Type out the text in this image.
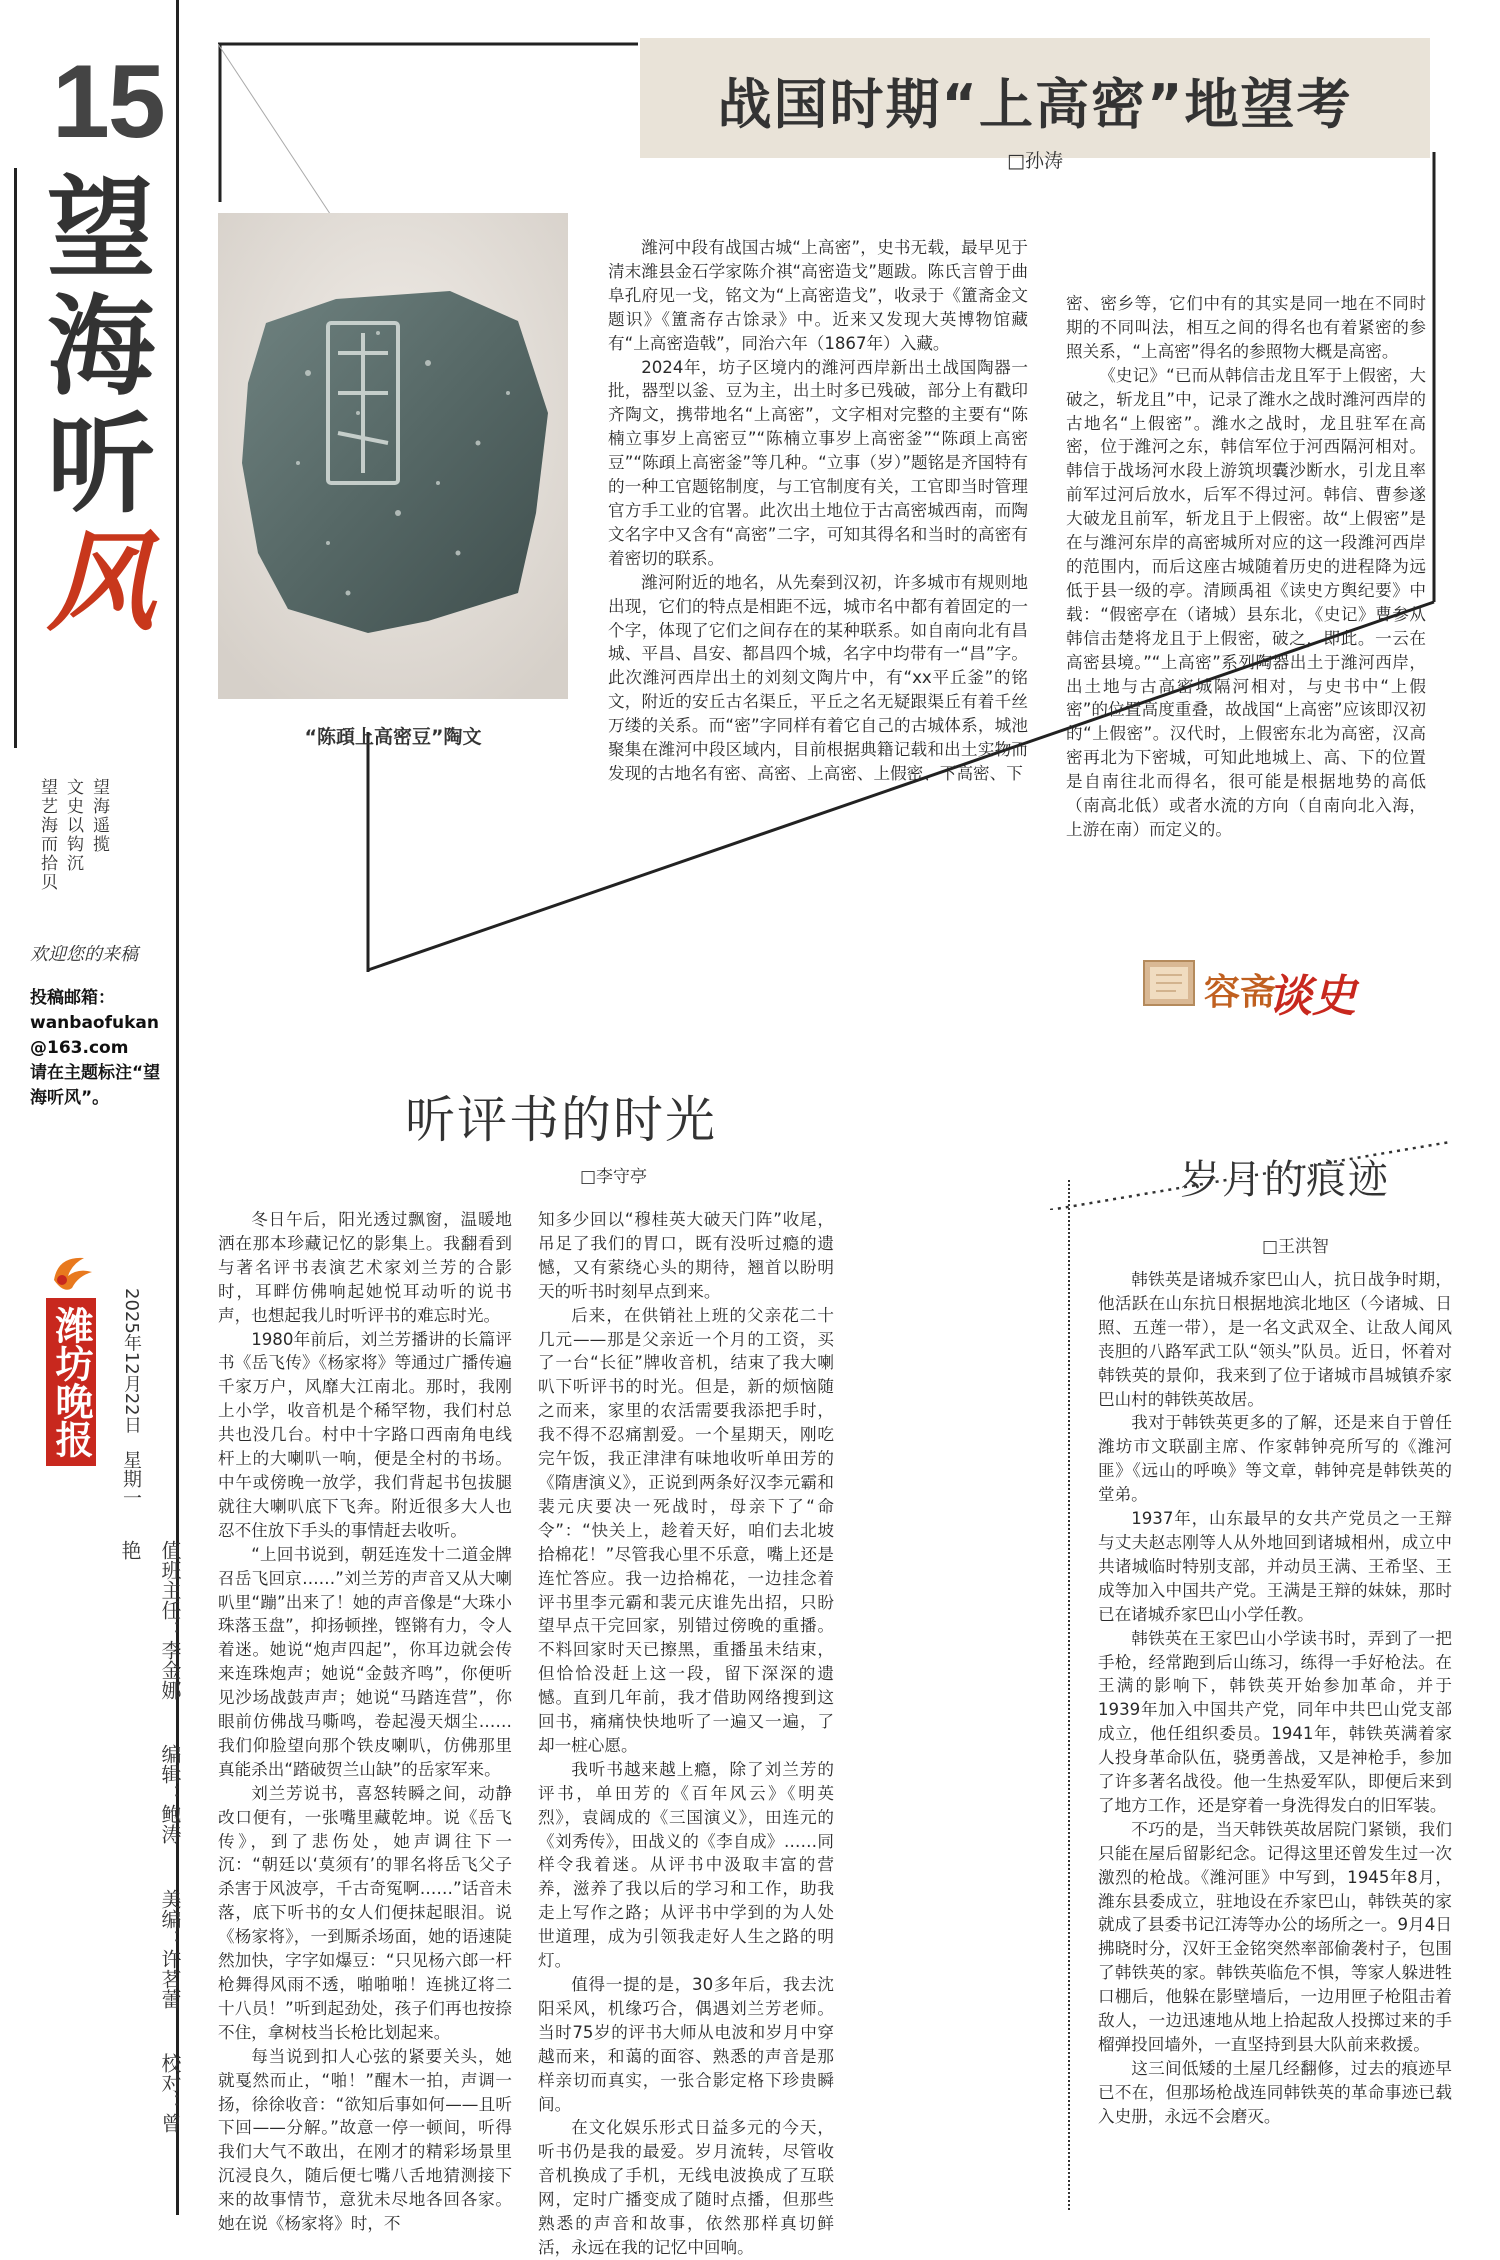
15
望
海
听
风
望海遥揽
文史以钩沉
望艺海而拾贝
欢迎您的来稿
投稿邮箱：
wanbaofukan
@163.com
请在主题标注“望海听风”。
潍坊晚报 2025年12月22日
星期一
值班主任：李金娜 编辑：鲍涛 美编：许茗蕾 校对：曾艳
战国时期“上高密”地望考
□孙涛
“陈頙上高密豆”陶文

潍河中段有战国古城“上高密”，史书无载，最早见于清末潍县金石学家陈介祺“高密造戈”题跋。陈氏言曾于曲阜孔府见一戈，铭文为“上高密造戈”，收录于《簠斋金文题识》《簠斋存古馀录》中。近来又发现大英博物馆藏有“上高密造戟”，同治六年（1867年）入藏。

2024年，坊子区境内的潍河西岸新出土战国陶器一批，器型以釜、豆为主，出土时多已残破，部分上有戳印齐陶文，携带地名“上高密”，文字相对完整的主要有“陈楠立事岁上高密豆”“陈楠立事岁上高密釜”“陈頙上高密豆”“陈頙上高密釜”等几种。“立事（岁）”题铭是齐国特有的一种工官题铭制度，与工官制度有关，工官即当时管理官方手工业的官署。此次出土地位于古高密城西南，而陶文名字中又含有“高密”二字，可知其得名和当时的高密有着密切的联系。

潍河附近的地名，从先秦到汉初，许多城市有规则地出现，它们的特点是相距不远，城市名中都有着固定的一个字，体现了它们之间存在的某种联系。如自南向北有昌城、平昌、昌安、都昌四个城，名字中均带有一“昌”字。此次潍河西岸出土的刘刻文陶片中，有“xx平丘釜”的铭文，附近的安丘古名渠丘，平丘之名无疑跟渠丘有着千丝万缕的关系。而“密”字同样有着它自己的古城体系，城池聚集在潍河中段区域内，目前根据典籍记载和出土实物而发现的古地名有密、高密、上高密、上假密、下高密、下

密、密乡等，它们中有的其实是同一地在不同时期的不同叫法，相互之间的得名也有着紧密的参照关系，“上高密”得名的参照物大概是高密。

《史记》“已而从韩信击龙且军于上假密，大破之，斩龙且”中，记录了潍水之战时潍河西岸的古地名“上假密”。潍水之战时，龙且驻军在高密，位于潍河之东，韩信军位于河西隔河相对。韩信于战场河水段上游筑坝囊沙断水，引龙且率前军过河后放水，后军不得过河。韩信、曹参遂大破龙且前军，斩龙且于上假密。故“上假密”是在与潍河东岸的高密城所对应的这一段潍河西岸的范围内，而后这座古城随着历史的进程降为远低于县一级的亭。清顾禹祖《读史方舆纪要》中载：“假密亭在（诸城）县东北，《史记》曹参从韩信击楚将龙且于上假密，破之，即此。一云在高密县境。”“上高密”系列陶器出土于潍河西岸，出土地与古高密城隔河相对，与史书中“上假密”的位置高度重叠，故战国“上高密”应该即汉初的“上假密”。汉代时，上假密东北为高密，汉高密再北为下密城，可知此地城上、高、下的位置是自南往北而得名，很可能是根据地势的高低（南高北低）或者水流的方向（自南向北入海，上游在南）而定义的。

容斋
谈史
听评书的时光
□李守亭

冬日午后，阳光透过飘窗，温暖地洒在那本珍藏记忆的影集上。我翻看到与著名评书表演艺术家刘兰芳的合影时，耳畔仿佛响起她悦耳动听的说书声，也想起我儿时听评书的难忘时光。

1980年前后，刘兰芳播讲的长篇评书《岳飞传》《杨家将》等通过广播传遍千家万户，风靡大江南北。那时，我刚上小学，收音机是个稀罕物，我们村总共也没几台。村中十字路口西南角电线杆上的大喇叭一响，便是全村的书场。中午或傍晚一放学，我们背起书包拔腿就往大喇叭底下飞奔。附近很多大人也忍不住放下手头的事情赶去收听。

“上回书说到，朝廷连发十二道金牌召岳飞回京……”刘兰芳的声音又从大喇叭里“蹦”出来了！她的声音像是“大珠小珠落玉盘”，抑扬顿挫，铿锵有力，令人着迷。她说“炮声四起”，你耳边就会传来连珠炮声；她说“金鼓齐鸣”，你便听见沙场战鼓声声；她说“马踏连营”，你眼前仿佛战马嘶鸣，卷起漫天烟尘……我们仰脸望向那个铁皮喇叭，仿佛那里真能杀出“踏破贺兰山缺”的岳家军来。

刘兰芳说书，喜怒转瞬之间，动静改口便有，一张嘴里藏乾坤。说《岳飞传》，到了悲伤处，她声调往下一沉：“朝廷以‘莫须有’的罪名将岳飞父子杀害于风波亭，千古奇冤啊……”话音未落，底下听书的女人们便抹起眼泪。说《杨家将》，一到厮杀场面，她的语速陡然加快，字字如爆豆：“只见杨六郎一杆枪舞得风雨不透，啪啪啪！连挑辽将二十八员！”听到起劲处，孩子们再也按捺不住，拿树枝当长枪比划起来。

每当说到扣人心弦的紧要关头，她就戛然而止，“啪！”醒木一拍，声调一扬，徐徐收音：“欲知后事如何——且听下回——分解。”故意一停一顿间，听得我们大气不敢出，在刚才的精彩场景里沉浸良久，随后便七嘴八舌地猜测接下来的故事情节，意犹未尽地各回各家。她在说《杨家将》时，不

知多少回以“穆桂英大破天门阵”收尾，吊足了我们的胃口，既有没听过瘾的遗憾，又有萦绕心头的期待，翘首以盼明天的听书时刻早点到来。

后来，在供销社上班的父亲花二十几元——那是父亲近一个月的工资，买了一台“长征”牌收音机，结束了我大喇叭下听评书的时光。但是，新的烦恼随之而来，家里的农活需要我添把手时，我不得不忍痛割爱。一个星期天，刚吃完午饭，我正津津有味地收听单田芳的《隋唐演义》，正说到两条好汉李元霸和裴元庆要决一死战时，母亲下了“命令”：“快关上，趁着天好，咱们去北坡拾棉花！”尽管我心里不乐意，嘴上还是连忙答应。我一边拾棉花，一边挂念着评书里李元霸和裴元庆谁先出招，只盼望早点干完回家，别错过傍晚的重播。不料回家时天已擦黑，重播虽未结束，但恰恰没赶上这一段，留下深深的遗憾。直到几年前，我才借助网络搜到这回书，痛痛快快地听了一遍又一遍，了却一桩心愿。

我听书越来越上瘾，除了刘兰芳的评书，单田芳的《百年风云》《明英烈》，袁阔成的《三国演义》，田连元的《刘秀传》，田战义的《李自成》……同样令我着迷。从评书中汲取丰富的营养，滋养了我以后的学习和工作，助我走上写作之路；从评书中学到的为人处世道理，成为引领我走好人生之路的明灯。

值得一提的是，30多年后，我去沈阳采风，机缘巧合，偶遇刘兰芳老师。当时75岁的评书大师从电波和岁月中穿越而来，和蔼的面容、熟悉的声音是那样亲切而真实，一张合影定格下珍贵瞬间。

在文化娱乐形式日益多元的今天，听书仍是我的最爱。岁月流转，尽管收音机换成了手机，无线电波换成了互联网，定时广播变成了随时点播，但那些熟悉的声音和故事，依然那样真切鲜活，永远在我的记忆中回响。

岁月的痕迹
□王洪智

韩铁英是诸城乔家巴山人，抗日战争时期，他活跃在山东抗日根据地滨北地区（今诸城、日照、五莲一带），是一名文武双全、让敌人闻风丧胆的八路军武工队“领头”队员。近日，怀着对韩铁英的景仰，我来到了位于诸城市昌城镇乔家巴山村的韩铁英故居。

我对于韩铁英更多的了解，还是来自于曾任潍坊市文联副主席、作家韩钟亮所写的《潍河匪》《远山的呼唤》等文章，韩钟亮是韩铁英的堂弟。

1937年，山东最早的女共产党员之一王辩与丈夫赵志刚等人从外地回到诸城相州，成立中共诸城临时特别支部，并动员王满、王希坚、王成等加入中国共产党。王满是王辩的妹妹，那时已在诸城乔家巴山小学任教。

韩铁英在王家巴山小学读书时，弄到了一把手枪，经常跑到后山练习，练得一手好枪法。在王满的影响下，韩铁英开始参加革命，并于1939年加入中国共产党，同年中共巴山党支部成立，他任组织委员。1941年，韩铁英满着家人投身革命队伍，骁勇善战，又是神枪手，参加了许多著名战役。他一生热爱军队，即便后来到了地方工作，还是穿着一身洗得发白的旧军装。

不巧的是，当天韩铁英故居院门紧锁，我们只能在屋后留影纪念。记得这里还曾发生过一次激烈的枪战。《潍河匪》中写到，1945年8月，潍东县委成立，驻地设在乔家巴山，韩铁英的家就成了县委书记江涛等办公的场所之一。9月4日拂晓时分，汉奸王金铭突然率部偷袭村子，包围了韩铁英的家。韩铁英临危不惧，等家人躲进牲口棚后，他躲在影壁墙后，一边用匣子枪阻击着敌人，一边迅速地从地上拾起敌人投掷过来的手榴弹投回墙外，一直坚持到县大队前来救援。

这三间低矮的土屋几经翻修，过去的痕迹早已不在，但那场枪战连同韩铁英的革命事迹已载入史册，永远不会磨灭。
